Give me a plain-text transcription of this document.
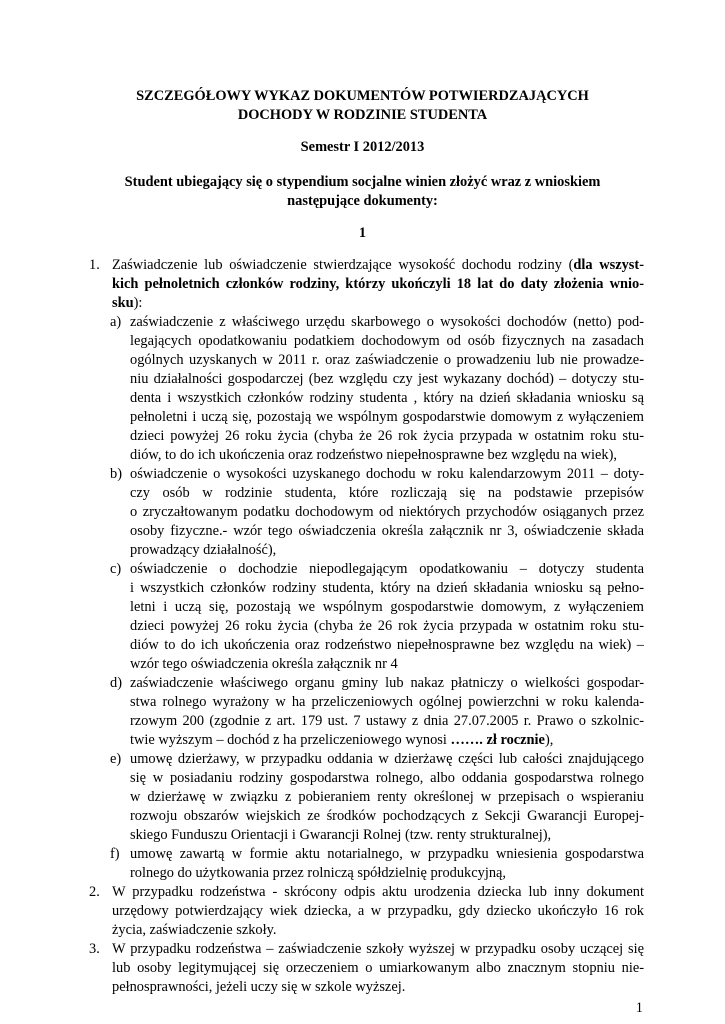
SZCZEGÓŁOWY WYKAZ DOKUMENTÓW POTWIERDZAJĄCYCH
DOCHODY W RODZINIE STUDENTA
Semestr I 2012/2013
Student ubiegający się o stypendium socjalne winien złożyć wraz z wnioskiem
następujące dokumenty:
1
1. Zaświadczenie lub oświadczenie stwierdzające wysokość dochodu rodziny (dla wszyst-
kich pełnoletnich członków rodziny, którzy ukończyli 18 lat do daty złożenia wnio-
sku):
a) zaświadczenie z właściwego urzędu skarbowego o wysokości dochodów (netto) pod-
legających opodatkowaniu podatkiem dochodowym od osób fizycznych na zasadach
ogólnych uzyskanych w 2011 r. oraz zaświadczenie o prowadzeniu lub nie prowadze-
niu działalności gospodarczej (bez względu czy jest wykazany dochód) – dotyczy stu-
denta i wszystkich członków rodziny studenta , który na dzień składania wniosku są
pełnoletni i uczą się, pozostają we wspólnym gospodarstwie domowym z wyłączeniem
dzieci powyżej 26 roku życia (chyba że 26 rok życia przypada w ostatnim roku stu-
diów, to do ich ukończenia oraz rodzeństwo niepełnosprawne bez względu na wiek),
b) oświadczenie o wysokości uzyskanego dochodu w roku kalendarzowym 2011 – doty-
czy osób w rodzinie studenta, które rozliczają się na podstawie przepisów
o zryczałtowanym podatku dochodowym od niektórych przychodów osiąganych przez
osoby fizyczne.- wzór tego oświadczenia określa załącznik nr 3, oświadczenie składa
prowadzący działalność),
c) oświadczenie o dochodzie niepodlegającym opodatkowaniu – dotyczy studenta
i wszystkich członków rodziny studenta, który na dzień składania wniosku są pełno-
letni i uczą się, pozostają we wspólnym gospodarstwie domowym, z wyłączeniem
dzieci powyżej 26 roku życia (chyba że 26 rok życia przypada w ostatnim roku stu-
diów to do ich ukończenia oraz rodzeństwo niepełnosprawne bez względu na wiek) –
wzór tego oświadczenia określa załącznik nr 4
d) zaświadczenie właściwego organu gminy lub nakaz płatniczy o wielkości gospodar-
stwa rolnego wyrażony w ha przeliczeniowych ogólnej powierzchni w roku kalenda-
rzowym 200 (zgodnie z art. 179 ust. 7 ustawy z dnia 27.07.2005 r. Prawo o szkolnic-
twie wyższym – dochód z ha przeliczeniowego wynosi ……. zł rocznie),
e) umowę dzierżawy, w przypadku oddania w dzierżawę części lub całości znajdującego
się w posiadaniu rodziny gospodarstwa rolnego, albo oddania gospodarstwa rolnego
w dzierżawę w związku z pobieraniem renty określonej w przepisach o wspieraniu
rozwoju obszarów wiejskich ze środków pochodzących z Sekcji Gwarancji Europej-
skiego Funduszu Orientacji i Gwarancji Rolnej (tzw. renty strukturalnej),
f) umowę zawartą w formie aktu notarialnego, w przypadku wniesienia gospodarstwa
rolnego do użytkowania przez rolniczą spółdzielnię produkcyjną,
2. W przypadku rodzeństwa - skrócony odpis aktu urodzenia dziecka lub inny dokument
urzędowy potwierdzający wiek dziecka, a w przypadku, gdy dziecko ukończyło 16 rok
życia, zaświadczenie szkoły.
3. W przypadku rodzeństwa – zaświadczenie szkoły wyższej w przypadku osoby uczącej się
lub osoby legitymującej się orzeczeniem o umiarkowanym albo znacznym stopniu nie-
pełnosprawności, jeżeli uczy się w szkole wyższej.
1
